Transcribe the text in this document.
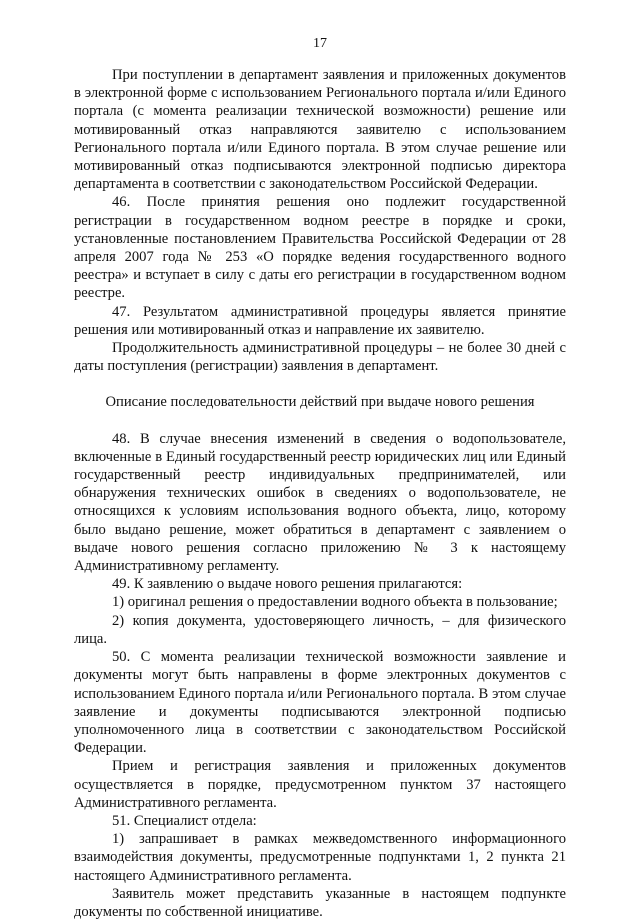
17

При поступлении в департамент заявления и приложенных документов в электронной форме с использованием Регионального портала и/или Единого портала (с момента реализации технической возможности) решение или мотивированный отказ направляются заявителю с использованием Регионального портала и/или Единого портала. В этом случае решение или мотивированный отказ подписываются электронной подписью директора департамента в соответствии с законодательством Российской Федерации.

46. После принятия решения оно подлежит государственной регистрации в государственном водном реестре в порядке и сроки, установленные постановлением Правительства Российской Федерации от 28 апреля 2007 года № 253 «О порядке ведения государственного водного реестра» и вступает в силу с даты его регистрации в государственном водном реестре.

47. Результатом административной процедуры является принятие решения или мотивированный отказ и направление их заявителю.

Продолжительность административной процедуры – не более 30 дней с даты поступления (регистрации) заявления в департамент.

Описание последовательности действий при выдаче нового решения

48. В случае внесения изменений в сведения о водопользователе, включенные в Единый государственный реестр юридических лиц или Единый государственный реестр индивидуальных предпринимателей, или обнаружения технических ошибок в сведениях о водопользователе, не относящихся к условиям использования водного объекта, лицо, которому было выдано решение, может обратиться в департамент с заявлением о выдаче нового решения согласно приложению № 3 к настоящему Административному регламенту.

49. К заявлению о выдаче нового решения прилагаются:

1) оригинал решения о предоставлении водного объекта в пользование;

2) копия документа, удостоверяющего личность, – для физического лица.

50. С момента реализации технической возможности заявление и документы могут быть направлены в форме электронных документов с использованием Единого портала и/или Регионального портала. В этом случае заявление и документы подписываются электронной подписью уполномоченного лица в соответствии с законодательством Российской Федерации.

Прием и регистрация заявления и приложенных документов осуществляется в порядке, предусмотренном пунктом 37 настоящего Административного регламента.

51. Специалист отдела:

1) запрашивает в рамках межведомственного информационного взаимодействия документы, предусмотренные подпунктами 1, 2 пункта 21 настоящего Административного регламента.

Заявитель может представить указанные в настоящем подпункте документы по собственной инициативе.
